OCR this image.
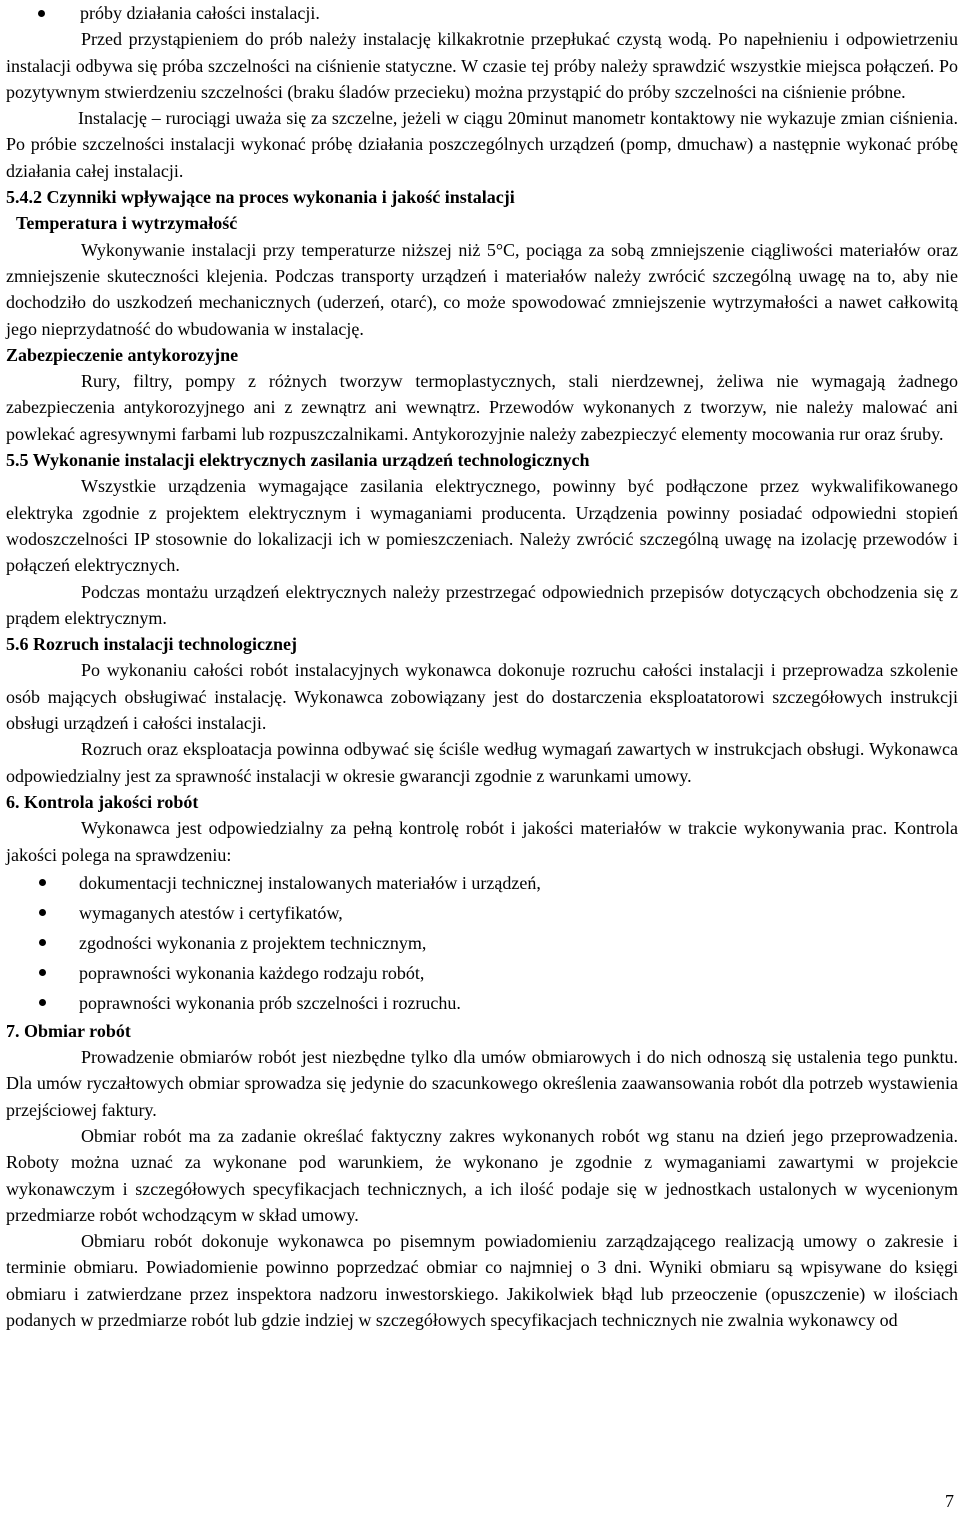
próby działania całości instalacji.

Przed przystąpieniem do prób należy instalację kilkakrotnie przepłukać czystą wodą. Po napełnieniu i odpowietrzeniu instalacji odbywa się próba szczelności na ciśnienie statyczne. W czasie tej próby należy sprawdzić wszystkie miejsca połączeń. Po pozytywnym stwierdzeniu szczelności (braku śladów przecieku) można przystąpić do próby szczelności na ciśnienie próbne.

Instalację – rurociągi uważa się za szczelne, jeżeli w ciągu 20minut manometr kontaktowy nie wykazuje zmian ciśnienia. Po próbie szczelności instalacji wykonać próbę działania poszczególnych urządzeń (pomp, dmuchaw) a następnie wykonać próbę działania całej instalacji.

5.4.2 Czynniki wpływające na proces wykonania i jakość instalacji
Temperatura i wytrzymałość

Wykonywanie instalacji przy temperaturze niższej niż 5°C, pociąga za sobą zmniejszenie ciągliwości materiałów oraz zmniejszenie skuteczności klejenia. Podczas transporty urządzeń i materiałów należy zwrócić szczególną uwagę na to, aby nie dochodziło do uszkodzeń mechanicznych (uderzeń, otarć), co może spowodować zmniejszenie wytrzymałości a nawet całkowitą jego nieprzydatność do wbudowania w instalację.

Zabezpieczenie antykorozyjne

Rury, filtry, pompy z różnych tworzyw termoplastycznych, stali nierdzewnej, żeliwa nie wymagają żadnego zabezpieczenia antykorozyjnego ani z zewnątrz ani wewnątrz. Przewodów wykonanych z tworzyw, nie należy malować ani powlekać agresywnymi farbami lub rozpuszczalnikami. Antykorozyjnie należy zabezpieczyć elementy mocowania rur oraz śruby.

5.5 Wykonanie instalacji elektrycznych zasilania urządzeń technologicznych

Wszystkie urządzenia wymagające zasilania elektrycznego, powinny być podłączone przez wykwalifikowanego elektryka zgodnie z projektem elektrycznym i wymaganiami producenta. Urządzenia powinny posiadać odpowiedni stopień wodoszczelności IP stosownie do lokalizacji ich w pomieszczeniach. Należy zwrócić szczególną uwagę na izolację przewodów i połączeń elektrycznych.

Podczas montażu urządzeń elektrycznych należy przestrzegać odpowiednich przepisów dotyczących obchodzenia się z prądem elektrycznym.

5.6 Rozruch instalacji technologicznej

Po wykonaniu całości robót instalacyjnych wykonawca dokonuje rozruchu całości instalacji i przeprowadza szkolenie osób mających obsługiwać instalację. Wykonawca zobowiązany jest do dostarczenia eksploatatorowi szczegółowych instrukcji obsługi urządzeń i całości instalacji.

Rozruch oraz eksploatacja powinna odbywać się ściśle według wymagań zawartych w instrukcjach obsługi. Wykonawca odpowiedzialny jest za sprawność instalacji w okresie gwarancji zgodnie z warunkami umowy.

6. Kontrola jakości robót

Wykonawca jest odpowiedzialny za pełną kontrolę robót i jakości materiałów w trakcie wykonywania prac. Kontrola jakości polega na sprawdzeniu:

dokumentacji technicznej instalowanych materiałów i urządzeń,
wymaganych atestów i certyfikatów,
zgodności wykonania z projektem technicznym,
poprawności wykonania każdego rodzaju robót,
poprawności wykonania prób szczelności i rozruchu.
7. Obmiar robót

Prowadzenie obmiarów robót jest niezbędne tylko dla umów obmiarowych i do nich odnoszą się ustalenia tego punktu. Dla umów ryczałtowych obmiar sprowadza się jedynie do szacunkowego określenia zaawansowania robót dla potrzeb wystawienia przejściowej faktury.

Obmiar robót ma za zadanie określać faktyczny zakres wykonanych robót wg stanu na dzień jego przeprowadzenia. Roboty można uznać za wykonane pod warunkiem, że wykonano je zgodnie z wymaganiami zawartymi w projekcie wykonawczym i szczegółowych specyfikacjach technicznych, a ich ilość podaje się w jednostkach ustalonych w wycenionym przedmiarze robót wchodzącym w skład umowy.

Obmiaru robót dokonuje wykonawca po pisemnym powiadomieniu zarządzającego realizacją umowy o zakresie i terminie obmiaru. Powiadomienie powinno poprzedzać obmiar co najmniej o 3 dni. Wyniki obmiaru są wpisywane do księgi obmiaru i zatwierdzane przez inspektora nadzoru inwestorskiego. Jakikolwiek błąd lub przeoczenie (opuszczenie) w ilościach podanych w przedmiarze robót lub gdzie indziej w szczegółowych specyfikacjach technicznych nie zwalnia wykonawcy od

7
